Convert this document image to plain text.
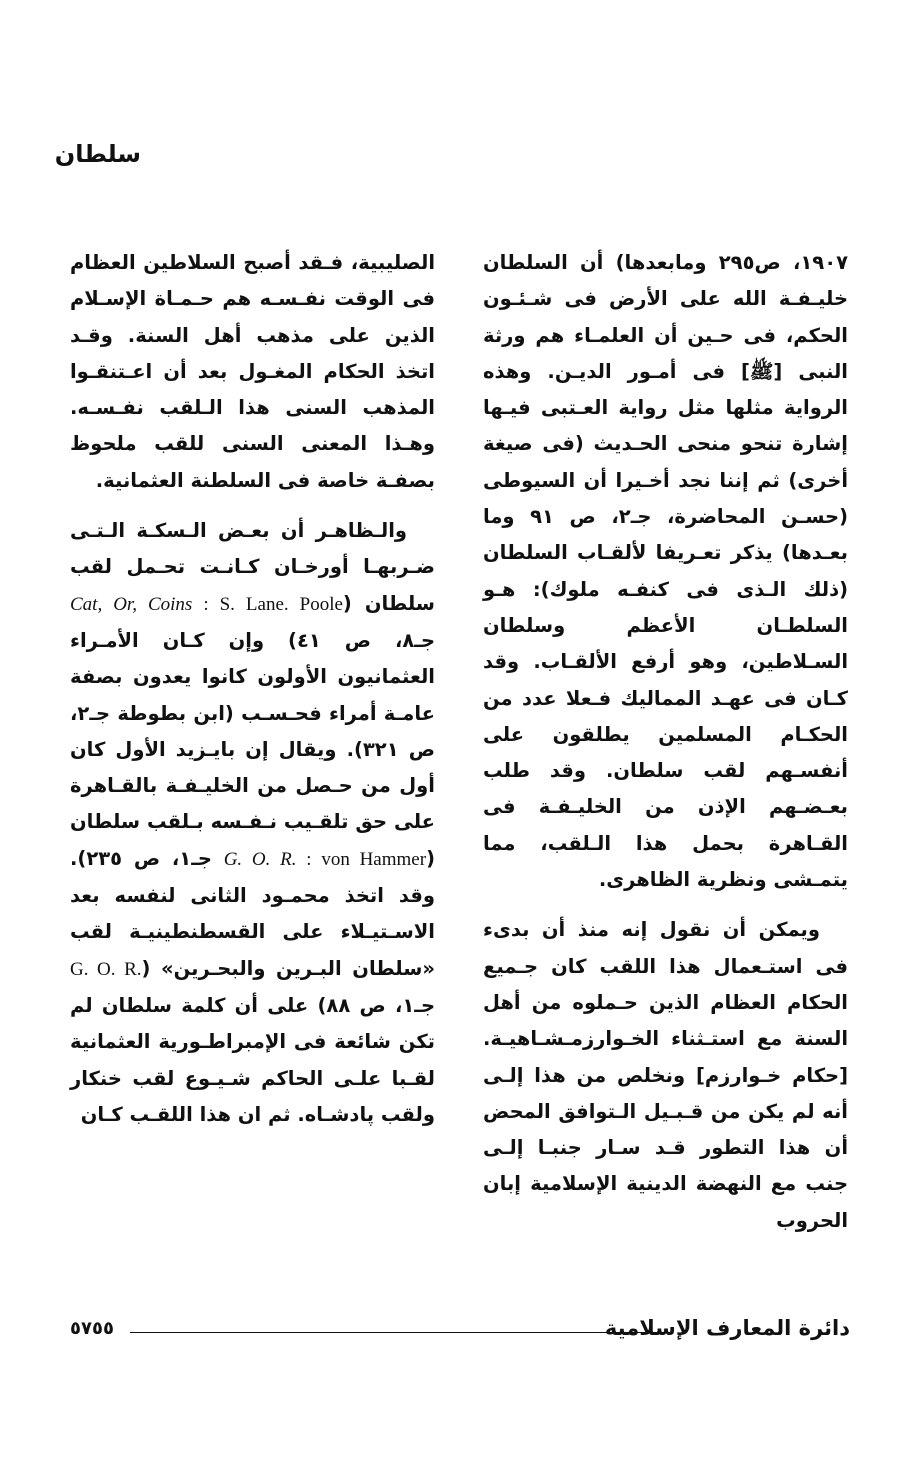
سلطان

١٩٠٧، ص٢٩٥ ومابعدها) أن السلطان خليـفـة الله على الأرض فى شـئـون الحكم، فى حـين أن العلمـاء هم ورثة النبى [ﷺ] فى أمـور الديـن. وهذه الرواية مثلها مثل رواية العـتبى فيـها إشارة تنحو منحى الحـديث (فى صيغة أخرى) ثم إننا نجد أخـيرا أن السيوطى (حسـن المحاضرة، جـ٢، ص ٩١ وما بعـدها) يذكر تعـريفا لألقـاب السلطان (ذلك الـذى فى كنفـه ملوك): هـو السلطـان الأعظم وسلطان السـلاطين، وهو أرفع الألقـاب. وقد كـان فى عهـد المماليك فـعلا عدد من الحكـام المسلمين يطلقون على أنفسـهم لقب سلطان. وقد طلب بعـضـهم الإذن من الخليـفـة فى القـاهرة بحمل هذا الـلقب، مما يتمـشى ونظرية الظاهرى.

ويمكن أن نقول إنه منذ أن بدىء فى استـعمال هذا اللقب كان جـميع الحكام العظام الذين حـملوه من أهل السنة مع استـثناء الخـوارزمـشـاهيـة. [حكام خـوارزم] ونخلص من هذا إلـى أنه لم يكن من قـبـيل الـتوافق المحض أن هذا التطور قـد سـار جنبـا إلـى جنب مع النهضة الدينية الإسلامية إبان الحروب

الصليبية، فـقد أصبح السلاطين العظام فى الوقت نفـسـه هم حـمـاة الإسـلام الذين على مذهب أهل السنة. وقـد اتخذ الحكام المغـول بعد أن اعـتنقـوا المذهب السنى هذا الـلقب نفـسـه. وهـذا المعنى السنى للقب ملحوظ بصفـة خاصة فى السلطنة العثمانية.

والـظاهـر أن بعـض الـسكـة الـتـى ضـربهـا أورخـان كـانـت تحـمل لقب سلطان (Cat, Or, Coins : S. Lane. Poole جـ٨، ص ٤١) وإن كـان الأمـراء العثمانيون الأولون كانوا يعدون بصفة عامـة أمراء فحـسـب (ابن بطوطة جـ٢، ص ٣٢١). ويقال إن بايـزيد الأول كان أول من حـصل من الخليـفـة بالقـاهرة على حق تلقـيب نـفـسه بـلقب سلطان (G. O. R. : von Hammer جـ١، ص ٢٣٥). وقد اتخذ محمـود الثانى لنفسه بعد الاسـتيـلاء على القسطنطينيـة لقب «سلطان البـرين والبحـرين» (G. O. R. جـ١، ص ٨٨) على أن كلمة سلطان لم تكن شائعة فى الإمبراطـورية العثمانية لقـبا علـى الحاكم شـيـوع لقب خنكار ولقب پادشـاه. ثم ان هذا اللقـب كـان

دائرة المعارف الإسلامية
٥٧٥٥
